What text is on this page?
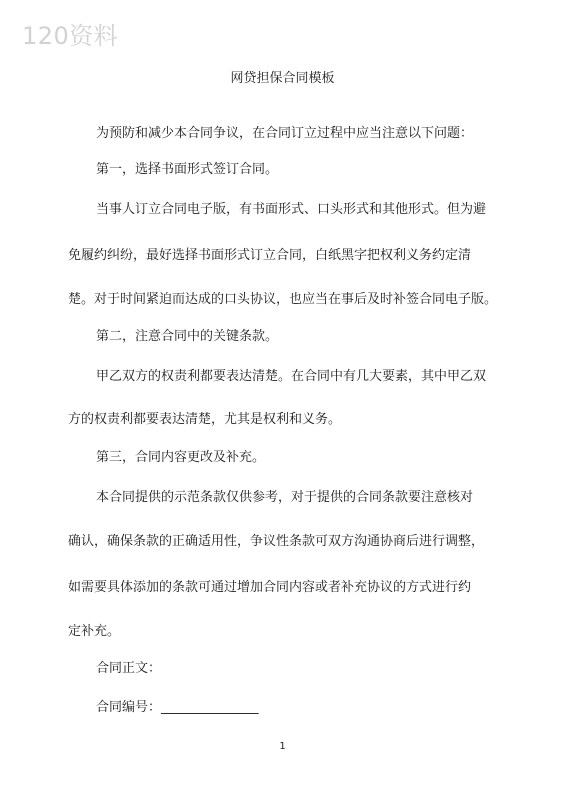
120资料
网贷担保合同模板
为预防和减少本合同争议，在合同订立过程中应当注意以下问题：
第一，选择书面形式签订合同。
当事人订立合同电子版，有书面形式、口头形式和其他形式。但为避
免履约纠纷，最好选择书面形式订立合同，白纸黑字把权利义务约定清
楚。对于时间紧迫而达成的口头协议，也应当在事后及时补签合同电子版。
第二，注意合同中的关键条款。
甲乙双方的权责利都要表达清楚。在合同中有几大要素，其中甲乙双
方的权责利都要表达清楚，尤其是权利和义务。
第三，合同内容更改及补充。
本合同提供的示范条款仅供参考，对于提供的合同条款要注意核对
确认，确保条款的正确适用性，争议性条款可双方沟通协商后进行调整，
如需要具体添加的条款可通过增加合同内容或者补充协议的方式进行约
定补充。
合同正文：
合同编号：_______________
1
